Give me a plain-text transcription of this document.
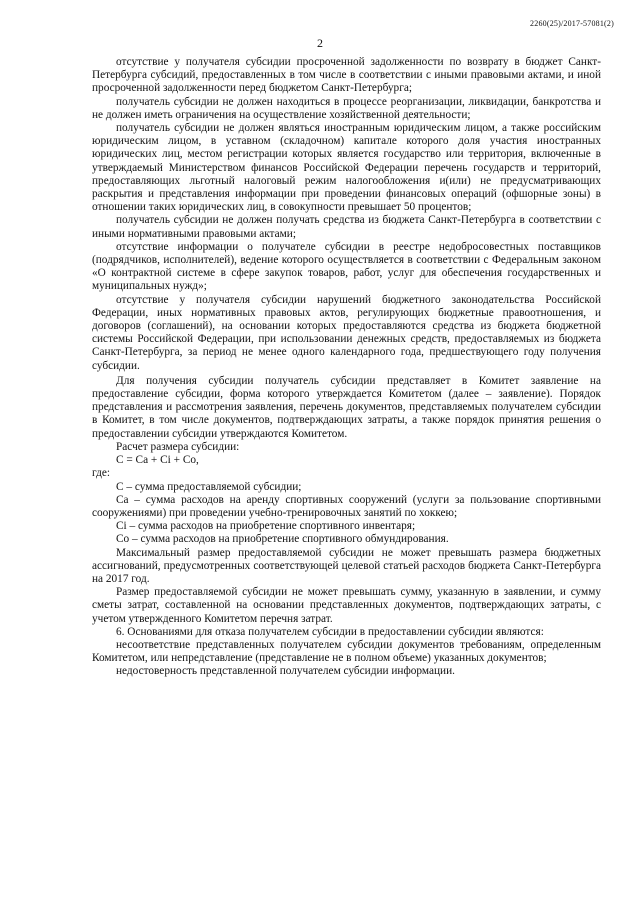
2260(25)/2017-57081(2)
2

отсутствие у получателя субсидии просроченной задолженности по возврату в бюджет Санкт-Петербурга субсидий, предоставленных в том числе в соответствии с иными правовыми актами, и иной просроченной задолженности перед бюджетом Санкт-Петербурга;

получатель субсидии не должен находиться в процессе реорганизации, ликвидации, банкротства и не должен иметь ограничения на осуществление хозяйственной деятельности;

получатель субсидии не должен являться иностранным юридическим лицом, а также российским юридическим лицом, в уставном (складочном) капитале которого доля участия иностранных юридических лиц, местом регистрации которых является государство или территория, включенные в утверждаемый Министерством финансов Российской Федерации перечень государств и территорий, предоставляющих льготный налоговый режим налогообложения и(или) не предусматривающих раскрытия и представления информации при проведении финансовых операций (офшорные зоны) в отношении таких юридических лиц, в совокупности превышает 50 процентов;

получатель субсидии не должен получать средства из бюджета Санкт-Петербурга в соответствии с иными нормативными правовыми актами;

отсутствие информации о получателе субсидии в реестре недобросовестных поставщиков (подрядчиков, исполнителей), ведение которого осуществляется в соответствии с Федеральным законом «О контрактной системе в сфере закупок товаров, работ, услуг для обеспечения государственных и муниципальных нужд»;

отсутствие у получателя субсидии нарушений бюджетного законодательства Российской Федерации, иных нормативных правовых актов, регулирующих бюджетные правоотношения, и договоров (соглашений), на основании которых предоставляются средства из бюджета бюджетной системы Российской Федерации, при использовании денежных средств, предоставляемых из бюджета Санкт-Петербурга, за период не менее одного календарного года, предшествующего году получения субсидии.

Для получения субсидии получатель субсидии представляет в Комитет заявление на предоставление субсидии, форма которого утверждается Комитетом (далее – заявление). Порядок представления и рассмотрения заявления, перечень документов, представляемых получателем субсидии в Комитет, в том числе документов, подтверждающих затраты, а также порядок принятия решения о предоставлении субсидии утверждаются Комитетом.

Расчет размера субсидии:

С = Са + Сi + Со,

где:

С – сумма предоставляемой субсидии;

Са – сумма расходов на аренду спортивных сооружений (услуги за пользование спортивными сооружениями) при проведении учебно-тренировочных занятий по хоккею;

Сi – сумма расходов на приобретение спортивного инвентаря;

Со – сумма расходов на приобретение спортивного обмундирования.

Максимальный размер предоставляемой субсидии не может превышать размера бюджетных ассигнований, предусмотренных соответствующей целевой статьей расходов бюджета Санкт-Петербурга на 2017 год.

Размер предоставляемой субсидии не может превышать сумму, указанную в заявлении, и сумму сметы затрат, составленной на основании представленных документов, подтверждающих затраты, с учетом утвержденного Комитетом перечня затрат.

6. Основаниями для отказа получателем субсидии в предоставлении субсидии являются:

несоответствие представленных получателем субсидии документов требованиям, определенным Комитетом, или непредставление (представление не в полном объеме) указанных документов;

недостоверность представленной получателем субсидии информации.
